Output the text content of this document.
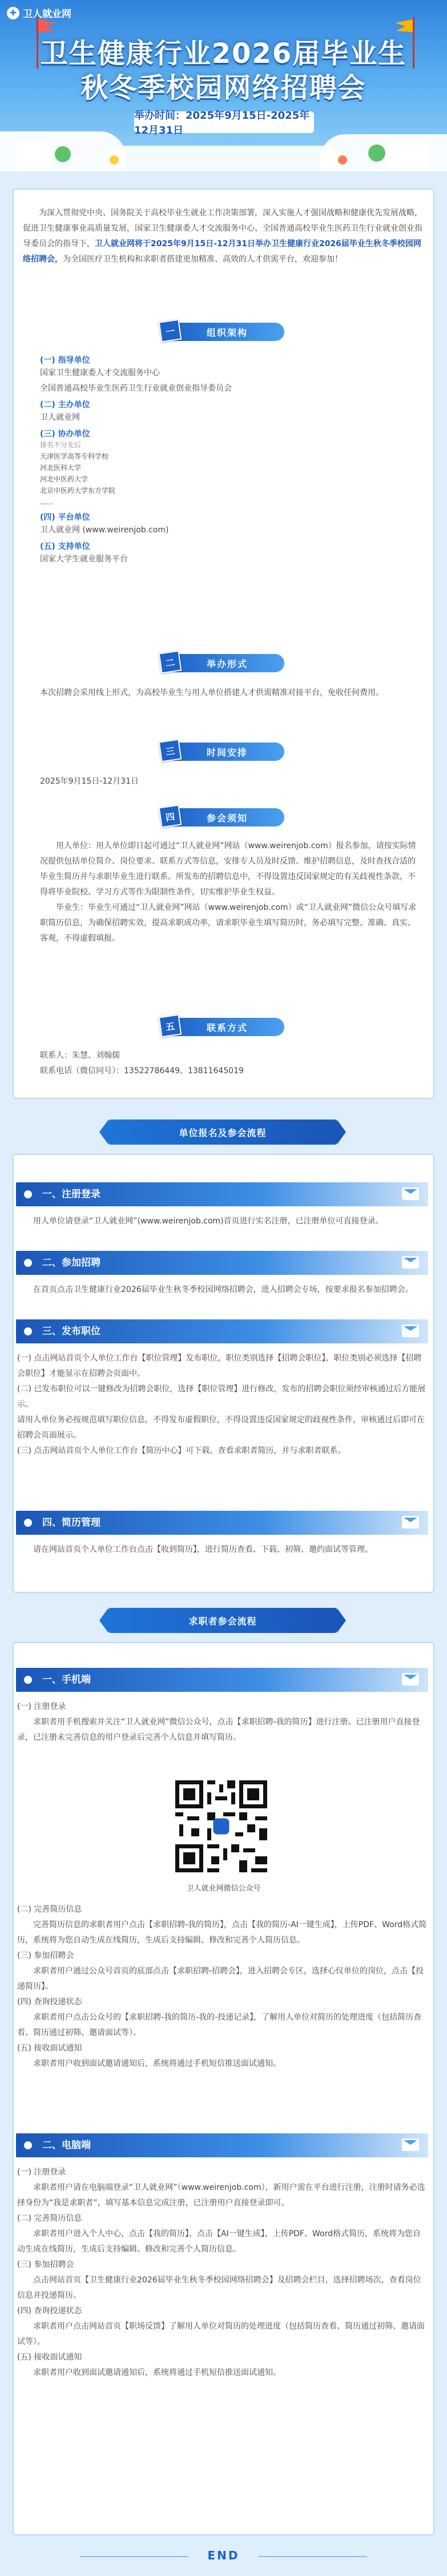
✚ 卫人就业网
卫生健康行业2026届毕业生
秋冬季校园网络招聘会
举办时间：2025年9月15日-2025年12月31日

为深入贯彻党中央、国务院关于高校毕业生就业工作决策部署，深入实施人才强国战略和健康优先发展战略，促进卫生健康事业高质量发展，国家卫生健康委人才交流服务中心、全国普通高校毕业生医药卫生行业就业创业指导委员会的指导下，卫人就业网将于2025年9月15日-12月31日举办卫生健康行业2026届毕业生秋冬季校园网络招聘会，为全国医疗卫生机构和求职者搭建更加精准、高效的人才供需平台，欢迎参加！

一	组织架构
(一) 指导单位
国家卫生健康委人才交流服务中心
全国普通高校毕业生医药卫生行业就业创业指导委员会
(二) 主办单位
卫人就业网
(三) 协办单位
排名不分先后
天津医学高等专科学校
河北医科大学
河北中医药大学
北京中医药大学东方学院
......
(四) 平台单位
卫人就业网 (www.weirenjob.com)
(五) 支持单位
国家大学生就业服务平台
二	举办形式

本次招聘会采用线上形式，为高校毕业生与用人单位搭建人才供需精准对接平台，免收任何费用。

三	时间安排

2025年9月15日-12月31日

四	参会须知

用人单位：用人单位即日起可通过“卫人就业网”网站（www.weirenjob.com）报名参加，请按实际情况提供包括单位简介、岗位要求、联系方式等信息，安排专人员及时反馈、维护招聘信息，及时查找合适的毕业生简历并与求职毕业生进行联系。所发布的招聘信息中，不得设置违反国家规定的有关歧视性条款，不得将毕业院校、学习方式等作为限制性条件，切实维护毕业生权益。

毕业生：毕业生可通过“卫人就业网”网站（www.weirenjob.com）或“卫人就业网”微信公众号填写求职简历信息，为确保招聘实效，提高求职成功率，请求职毕业生填写简历时，务必填写完整、准确、真实、客观，不得虚假填报。

五	联系方式

联系人：朱慧、刘翰儒

联系电话（微信同号）：13522786449、13811645019

单位报名及参会流程
一、注册登录

用人单位请登录“卫人就业网”(www.weirenjob.com)首页进行实名注册，已注册单位可直接登录。

二、参加招聘

在首页点击卫生健康行业2026届毕业生秋冬季校园网络招聘会，进入招聘会专场，按要求报名参加招聘会。

三、发布职位

(一) 点击网站首页个人单位工作台【职位管理】发布职位，职位类别选择【招聘会职位】，职位类别必须选择【招聘会职位】才能显示在招聘会页面中。

(二) 已发布职位可以一键修改为招聘会职位，选择【职位管理】进行修改，发布的招聘会职位须经审核通过后方能展示。

请用人单位务必按规范填写职位信息，不得发布虚假职位，不得设置违反国家规定的歧视性条件，审核通过后即可在招聘会页面展示。

(三) 点击网站首页个人单位工作台【简历中心】可下载、查看求职者简历，并与求职者联系。

四、简历管理

请在网站首页个人单位工作台点击【收到简历】，进行简历查看、下载、初筛、邀约面试等管理。

求职者参会流程
一、手机端

(一) 注册登录

求职者用手机搜索并关注“卫人就业网”微信公众号，点击【求职招聘-我的简历】进行注册。已注册用户直接登录，已注册未完善信息的用户登录后完善个人信息并填写简历。

卫人就业网微信公众号

(二) 完善简历信息

完善简历信息的求职者用户点击【求职招聘-我的简历】，点击【我的简历-AI一键生成】，上传PDF、Word格式简历，系统将为您自动生成在线简历，生成后支持编辑、修改和完善个人简历信息。

(三) 参加招聘会

求职者用户通过公众号首页的底部点击【求职招聘-招聘会】，进入招聘会专区，选择心仪单位的岗位，点击【投递简历】。

(四) 查询投递状态

求职者用户点击公众号的【求职招聘-我的简历-我的-投递记录】，了解用人单位对简历的处理进度（包括简历查看、简历通过初筛、邀请面试等）。

(五) 接收面试通知

求职者用户收到面试邀请通知后，系统将通过手机短信推送面试通知。

二、电脑端

(一) 注册登录

求职者用户请在电脑端登录“卫人就业网”（www.weirenjob.com），新用户需在平台进行注册，注册时请务必选择身份为“我是求职者”，填写基本信息完成注册，已注册用户直接登录即可。

(二) 完善简历信息

求职者用户进入个人中心，点击【我的简历】，点击【AI一键生成】，上传PDF、Word格式简历，系统将为您自动生成在线简历，生成后支持编辑、修改和完善个人简历信息。

(三) 参加招聘会

点击网站首页【卫生健康行业2026届毕业生秋冬季校园网络招聘会】及招聘会栏目，选择招聘场次，查看岗位信息并投递简历。

(四) 查询投递状态

求职者用户点击网站首页【职场反馈】了解用人单位对简历的处理进度（包括简历查看、简历通过初筛、邀请面试等）。

(五) 接收面试通知

求职者用户收到面试邀请通知后，系统将通过手机短信推送面试通知。

END
